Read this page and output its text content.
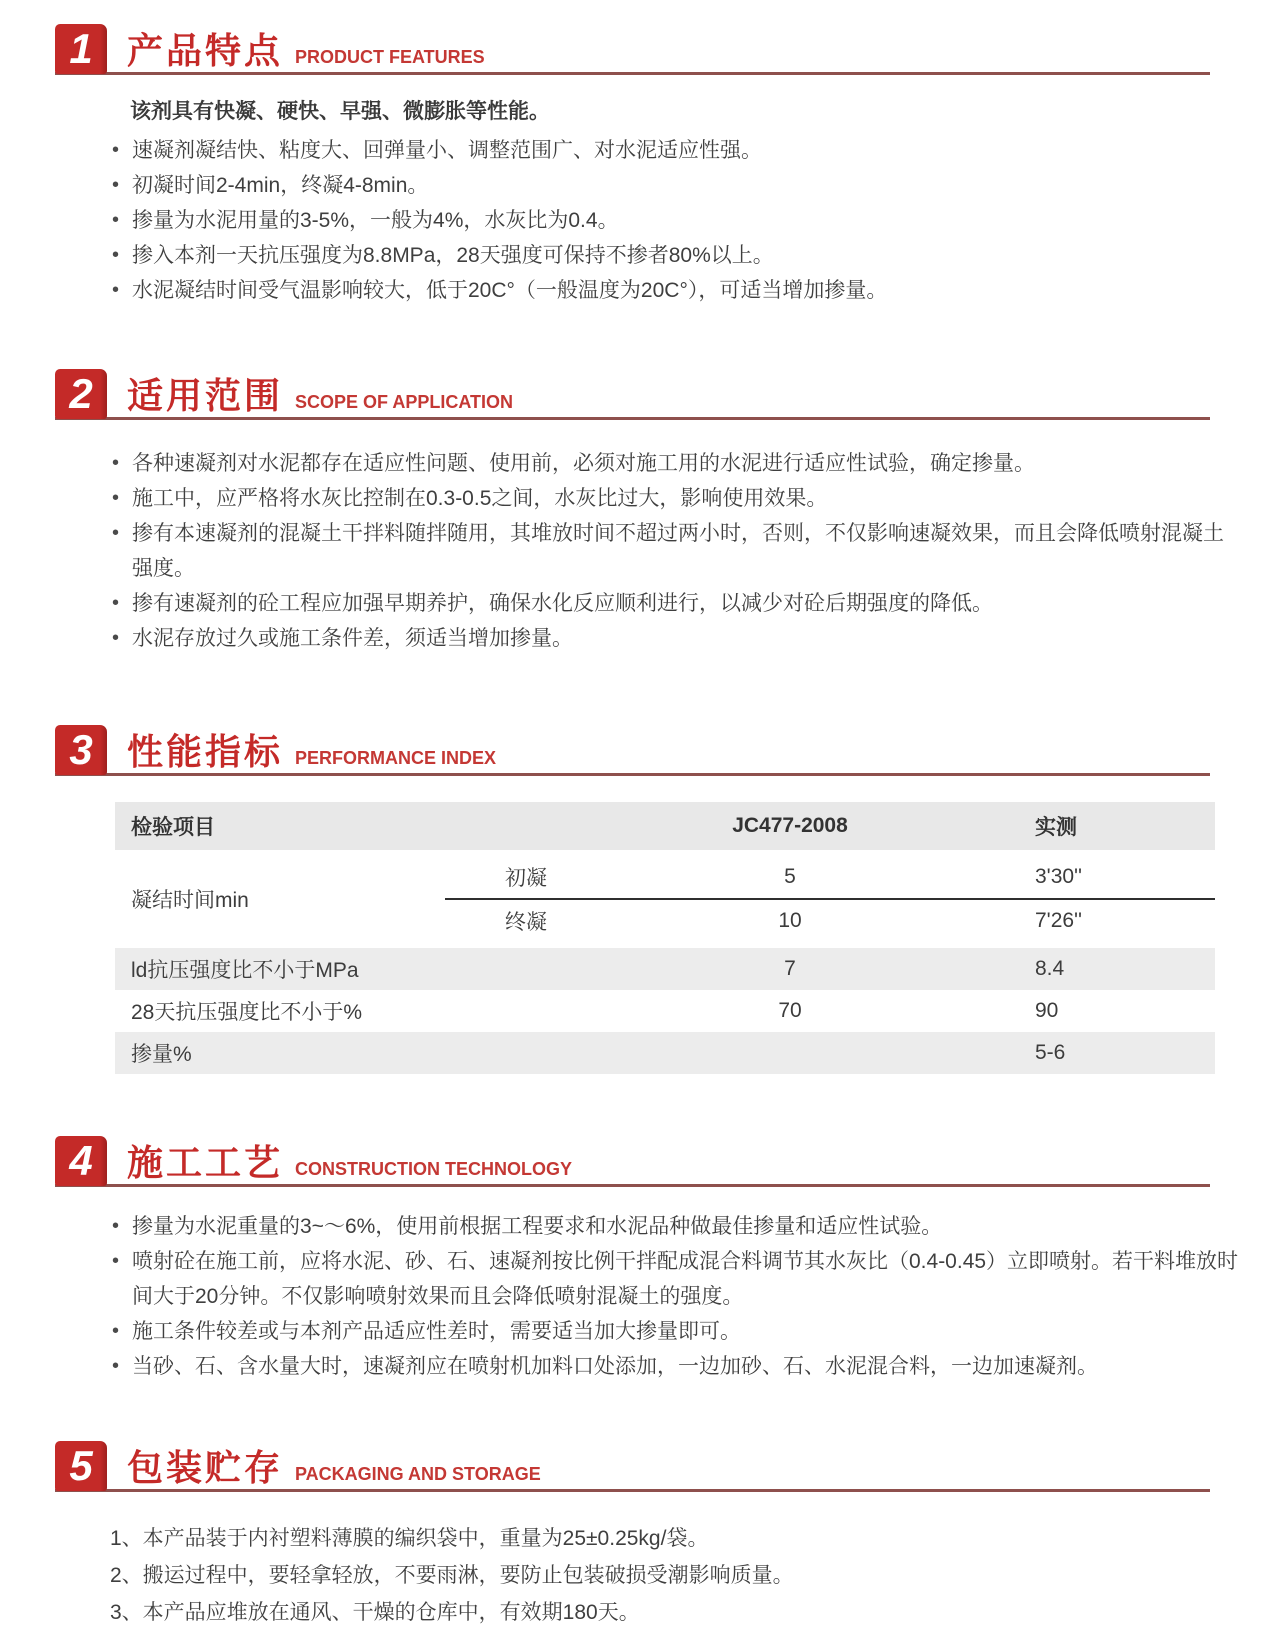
1 产品特点 PRODUCT FEATURES
该剂具有快凝、硬快、早强、微膨胀等性能。
• 速凝剂凝结快、粘度大、回弹量小、调整范围广、对水泥适应性强。
• 初凝时间2-4min，终凝4-8min。
• 掺量为水泥用量的3-5%，一般为4%，水灰比为0.4。
• 掺入本剂一天抗压强度为8.8MPa，28天强度可保持不掺者80%以上。
• 水泥凝结时间受气温影响较大，低于20C°（一般温度为20C°），可适当增加掺量。
2 适用范围 SCOPE OF APPLICATION
• 各种速凝剂对水泥都存在适应性问题、使用前，必须对施工用的水泥进行适应性试验，确定掺量。
• 施工中，应严格将水灰比控制在0.3-0.5之间，水灰比过大，影响使用效果。
• 掺有本速凝剂的混凝土干拌料随拌随用，其堆放时间不超过两小时，否则，不仅影响速凝效果，而且会降低喷射混凝土强度。
• 掺有速凝剂的砼工程应加强早期养护，确保水化反应顺利进行，以减少对砼后期强度的降低。
• 水泥存放过久或施工条件差，须适当增加掺量。
3 性能指标 PERFORMANCE INDEX
检验项目		JC477-2008	实测

凝结时间min	初凝	5	3'30''
	终凝	10	7'26''

ld抗压强度比不小于MPa		7	8.4
28天抗压强度比不小于%		70	90
掺量%			5-6
4 施工工艺 CONSTRUCTION TECHNOLOGY
• 掺量为水泥重量的3~～6%，使用前根据工程要求和水泥品种做最佳掺量和适应性试验。
• 喷射砼在施工前，应将水泥、砂、石、速凝剂按比例干拌配成混合料调节其水灰比（0.4-0.45）立即喷射。若干料堆放时间大于20分钟。不仅影响喷射效果而且会降低喷射混凝土的强度。
• 施工条件较差或与本剂产品适应性差时，需要适当加大掺量即可。
• 当砂、石、含水量大时，速凝剂应在喷射机加料口处添加，一边加砂、石、水泥混合料，一边加速凝剂。
5 包装贮存 PACKAGING AND STORAGE
1、本产品装于内衬塑料薄膜的编织袋中，重量为25±0.25kg/袋。
2、搬运过程中，要轻拿轻放，不要雨淋，要防止包装破损受潮影响质量。
3、本产品应堆放在通风、干燥的仓库中，有效期180天。
